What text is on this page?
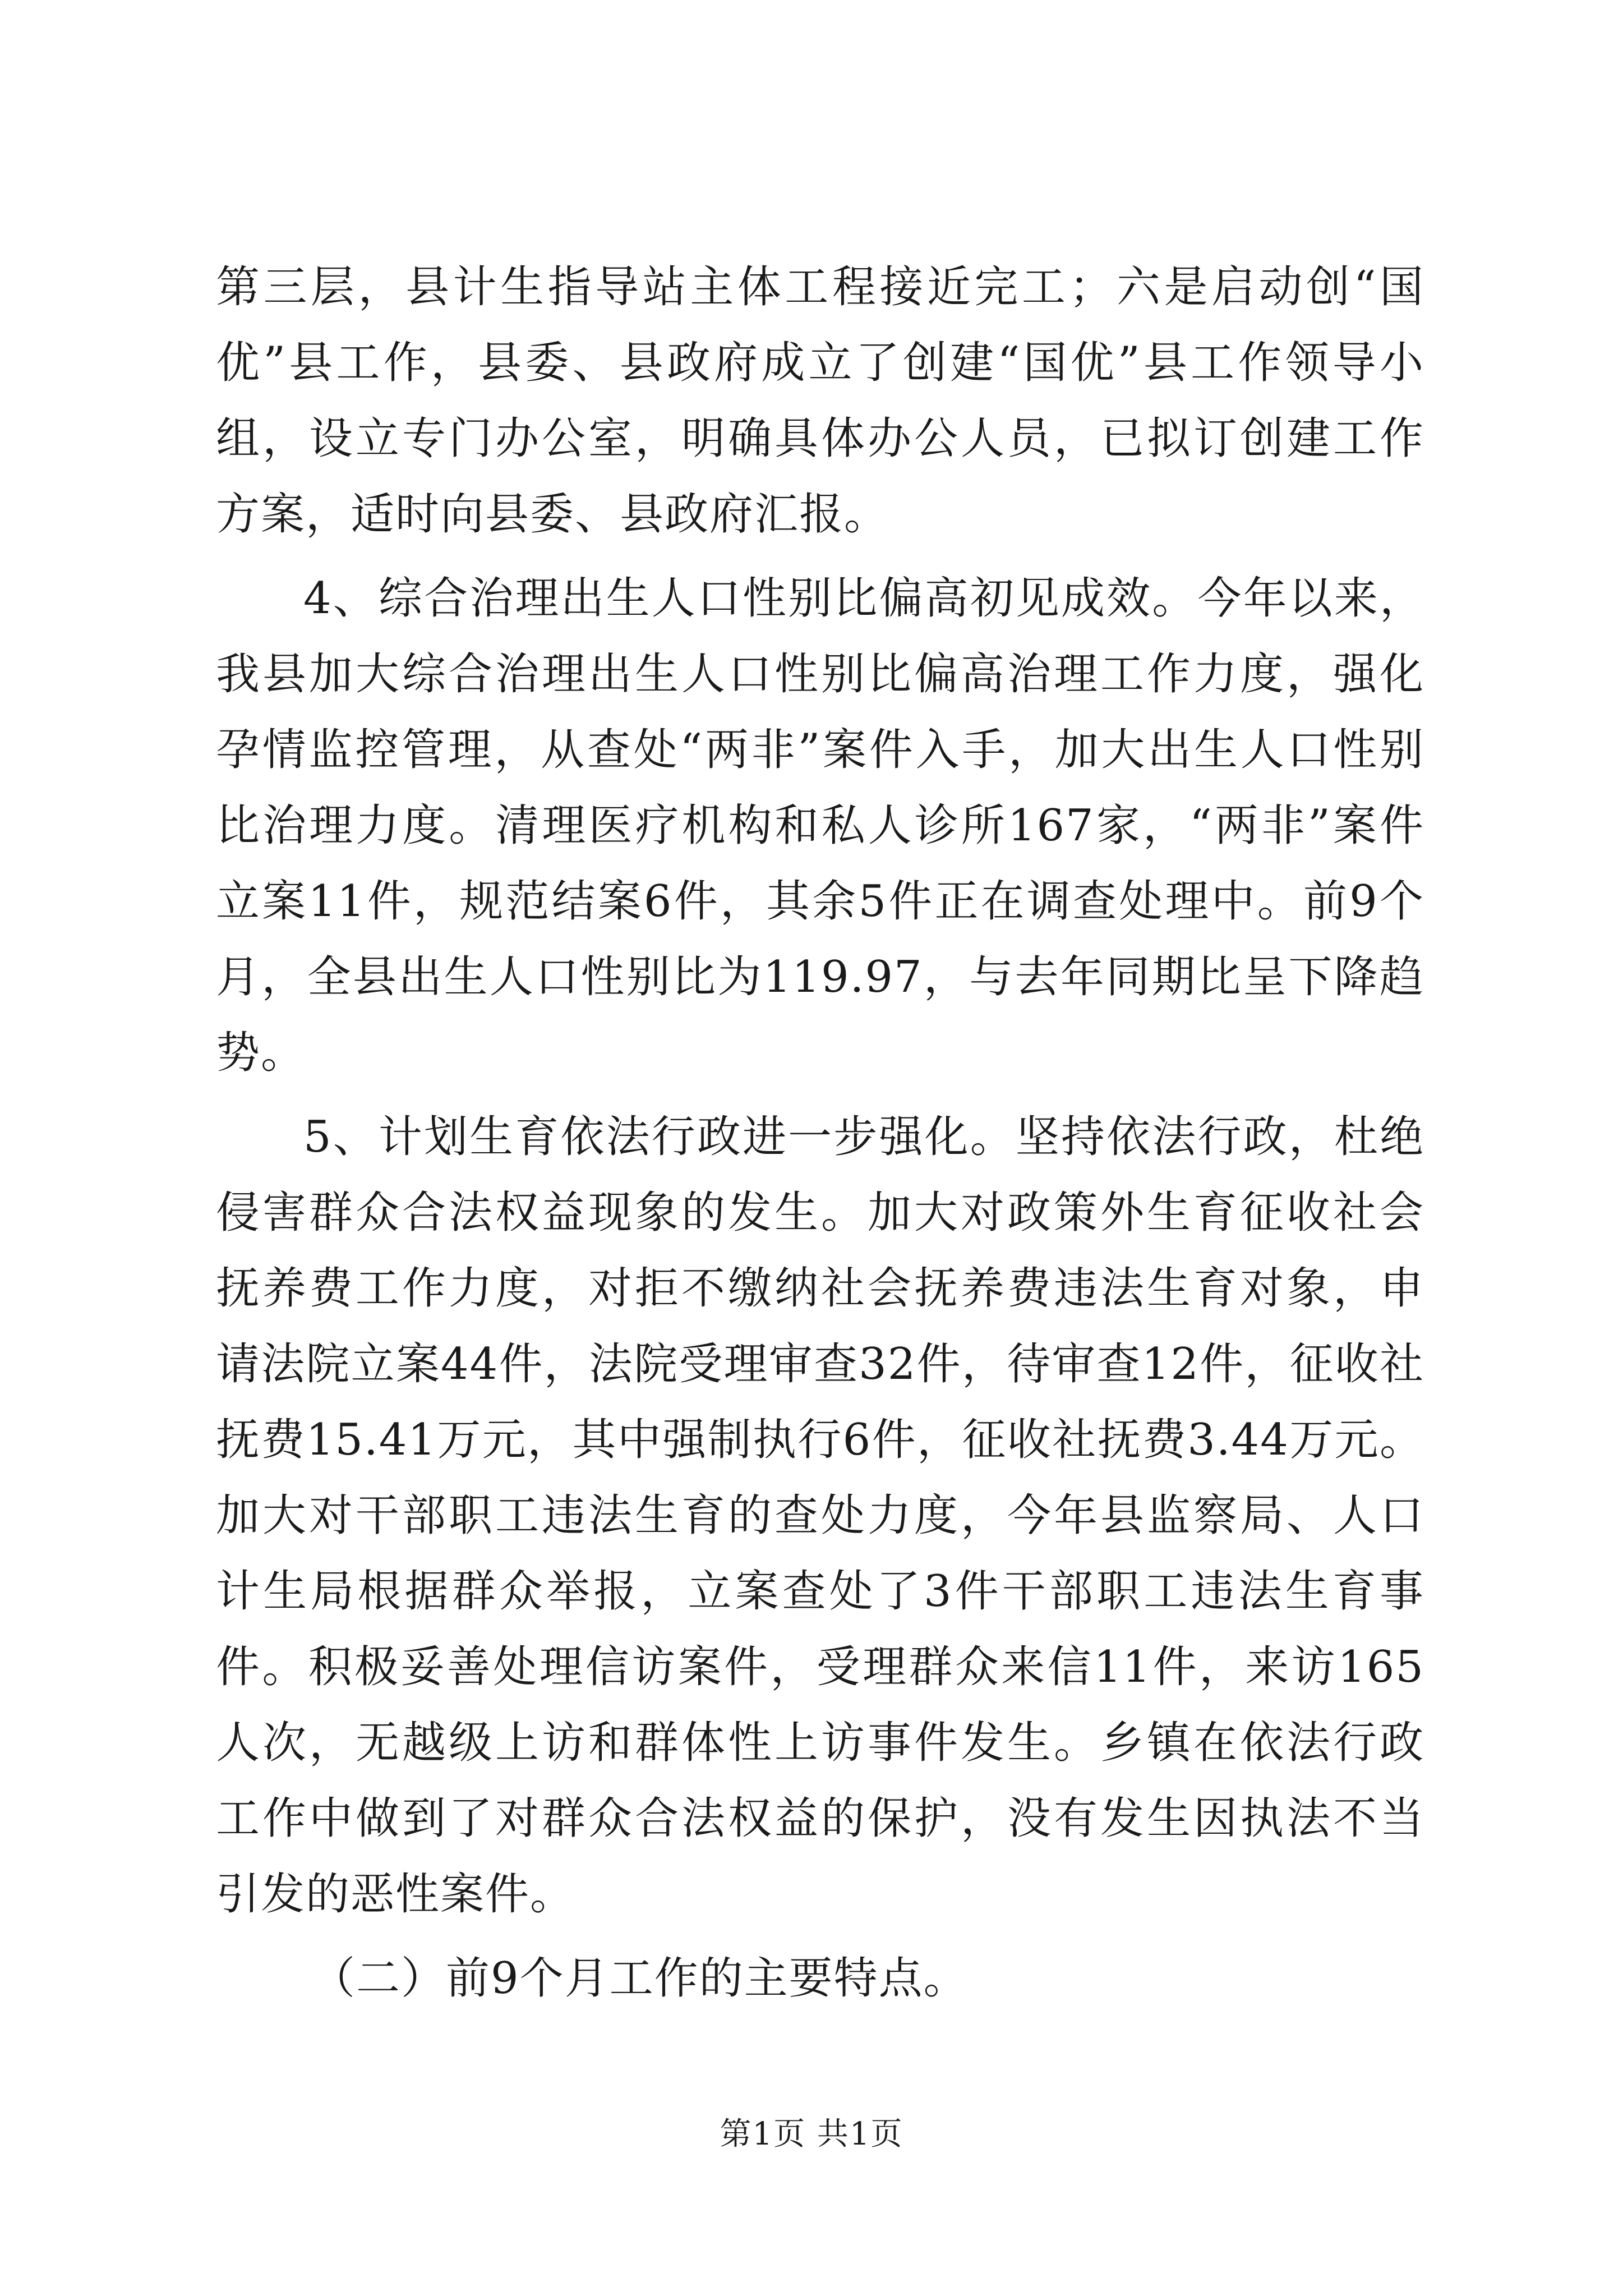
第三层，县计生指导站主体工程接近完工；六是启动创“国优”县工作，县委、县政府成立了创建“国优”县工作领导小组，设立专门办公室，明确具体办公人员，已拟订创建工作方案，适时向县委、县政府汇报。

4、综合治理出生人口性别比偏高初见成效。今年以来，我县加大综合治理出生人口性别比偏高治理工作力度，强化孕情监控管理，从查处“两非”案件入手，加大出生人口性别比治理力度。清理医疗机构和私人诊所167家，“两非”案件立案11件，规范结案6件，其余5件正在调查处理中。前9个月，全县出生人口性别比为119.97，与去年同期比呈下降趋势。

5、计划生育依法行政进一步强化。坚持依法行政，杜绝侵害群众合法权益现象的发生。加大对政策外生育征收社会抚养费工作力度，对拒不缴纳社会抚养费违法生育对象，申请法院立案44件，法院受理审查32件，待审查12件，征收社抚费15.41万元，其中强制执行6件，征收社抚费3.44万元。加大对干部职工违法生育的查处力度，今年县监察局、人口计生局根据群众举报，立案查处了3件干部职工违法生育事件。积极妥善处理信访案件，受理群众来信11件，来访165人次，无越级上访和群体性上访事件发生。乡镇在依法行政工作中做到了对群众合法权益的保护，没有发生因执法不当引发的恶性案件。

（二）前9个月工作的主要特点。

第1页 共1页
